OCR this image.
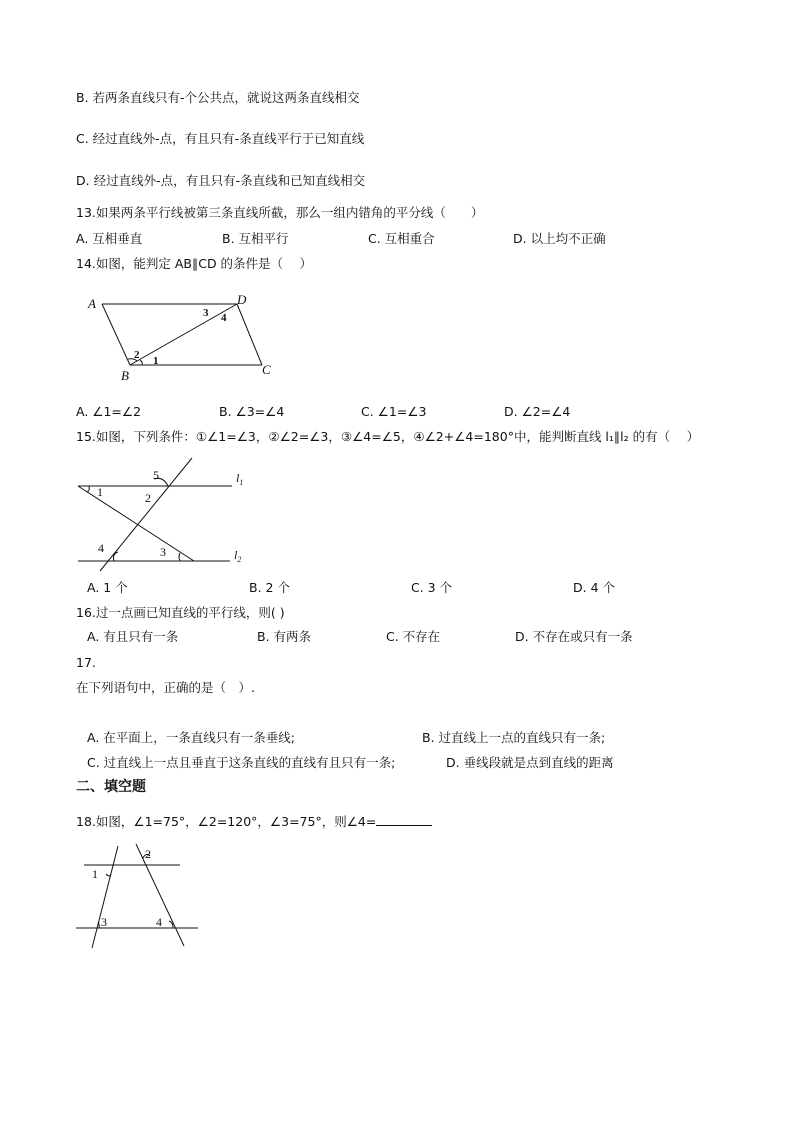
B. 若两条直线只有-个公共点，就说这两条直线相交
C. 经过直线外-点，有且只有-条直线平行于已知直线
D. 经过直线外-点，有且只有-条直线和已知直线相交
13.如果两条平行线被第三条直线所截，那么一组内错角的平分线（　　）
A. 互相垂直	B. 互相平行	C. 互相重合	D. 以上均不正确
14.如图，能判定 AB∥CD 的条件是（　 ）
A	D
B	C
1
2
3 4
A. ∠1=∠2	B. ∠3=∠4	C. ∠1=∠3	D. ∠2=∠4
15.如图，下列条件：①∠1=∠3，②∠2=∠3，③∠4=∠5，④∠2+∠4=180°中，能判断直线 l₁∥l₂ 的有（　 ）
$l_1$
$l_2$
1	2
3
4
5
A. 1 个	B. 2 个	C. 3 个	D. 4 个
16.过一点画已知直线的平行线，则( )
A. 有且只有一条	B. 有两条	C. 不存在	D. 不存在或只有一条
17.
在下列语句中，正确的是（　）.
A. 在平面上，一条直线只有一条垂线;	B. 过直线上一点的直线只有一条;
C. 过直线上一点且垂直于这条直线的直线有且只有一条;	D. 垂线段就是点到直线的距离
二、填空题
18.如图，∠1=75°，∠2=120°，∠3=75°，则∠4=
1
2
3	4
